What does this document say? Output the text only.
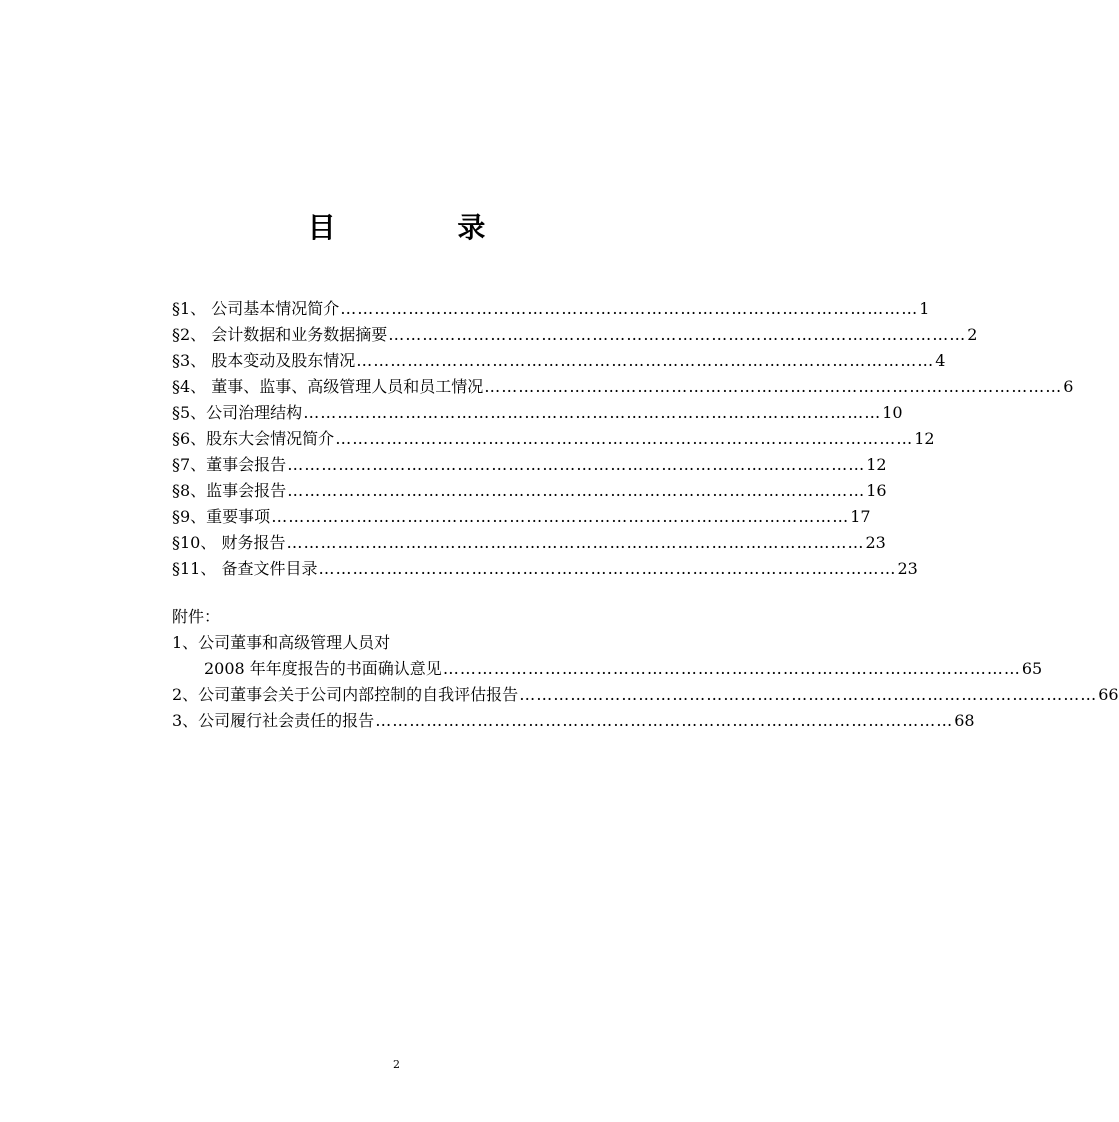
目 录
§1、 公司基本情况简介 ………………………………………………………………………………………… 1
§2、 会计数据和业务数据摘要 ………………………………………………………………………………………… 2
§3、 股本变动及股东情况 ………………………………………………………………………………………… 4
§4、 董事、监事、高级管理人员和员工情况 ………………………………………………………………………………………… 6
§5、公司治理结构 ………………………………………………………………………………………… 10
§6、股东大会情况简介 ………………………………………………………………………………………… 12
§7、董事会报告 ………………………………………………………………………………………… 12
§8、监事会报告 ………………………………………………………………………………………… 16
§9、重要事项 ………………………………………………………………………………………… 17
§10、 财务报告 ………………………………………………………………………………………… 23
§11、 备查文件目录 ………………………………………………………………………………………… 23
附件：
1、公司董事和高级管理人员对
2008 年年度报告的书面确认意见 ………………………………………………………………………………………… 65
2、公司董事会关于公司内部控制的自我评估报告 ………………………………………………………………………………………… 66
3、公司履行社会责任的报告 ………………………………………………………………………………………… 68
2
